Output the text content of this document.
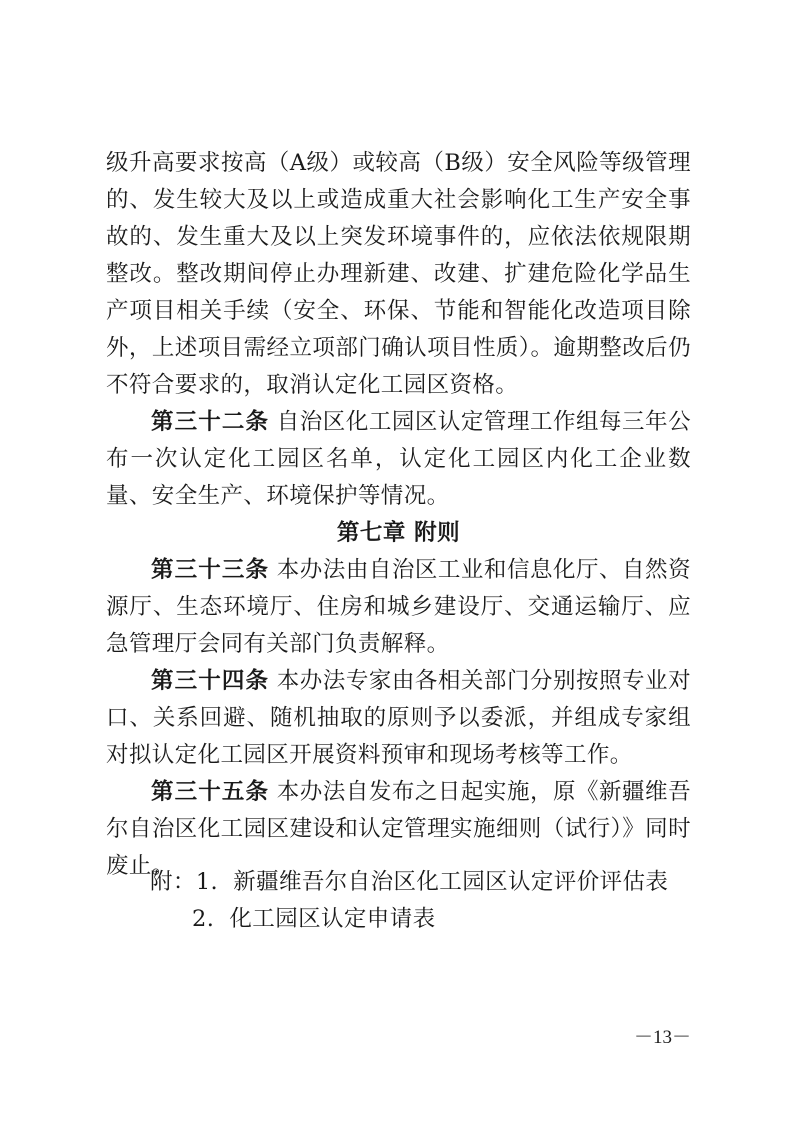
级升高要求按高（A级）或较高（B级）安全风险等级管理的、发生较大及以上或造成重大社会影响化工生产安全事故的、发生重大及以上突发环境事件的，应依法依规限期整改。整改期间停止办理新建、改建、扩建危险化学品生产项目相关手续（安全、环保、节能和智能化改造项目除外，上述项目需经立项部门确认项目性质）。逾期整改后仍不符合要求的，取消认定化工园区资格。

第三十二条 自治区化工园区认定管理工作组每三年公布一次认定化工园区名单，认定化工园区内化工企业数量、安全生产、环境保护等情况。

第七章 附则

第三十三条 本办法由自治区工业和信息化厅、自然资源厅、生态环境厅、住房和城乡建设厅、交通运输厅、应急管理厅会同有关部门负责解释。

第三十四条 本办法专家由各相关部门分别按照专业对口、关系回避、随机抽取的原则予以委派，并组成专家组对拟认定化工园区开展资料预审和现场考核等工作。

第三十五条 本办法自发布之日起实施，原《新疆维吾尔自治区化工园区建设和认定管理实施细则（试行）》同时废止。

附：1. 新疆维吾尔自治区化工园区认定评价评估表
2. 化工园区认定申请表
－13－
